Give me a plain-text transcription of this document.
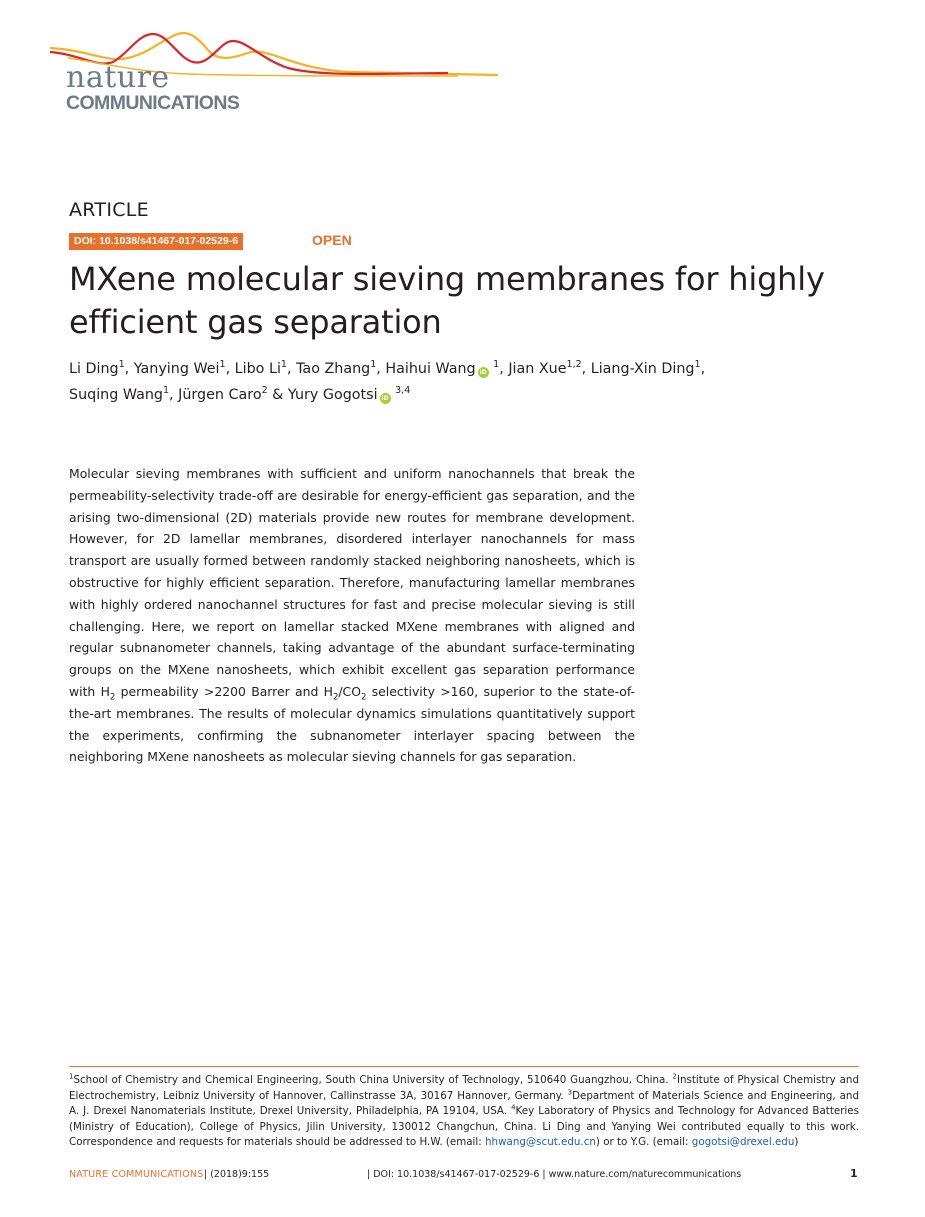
nature
COMMUNICATIONS
ARTICLE
DOI: 10.1038/s41467-017-02529-6	OPEN
MXene molecular sieving membranes for highly efficient gas separation
Li Ding$^1$, Yanying Wei$^1$, Libo Li$^1$, Tao Zhang$^1$, Haihui Wang iD $^1$, Jian Xue$^{1,2}$, Liang-Xin Ding$^1$,
Suqing Wang$^1$, Jürgen Caro$^2$ & Yury Gogotsi iD $^{3,4}$
Molecular sieving membranes with sufficient and uniform nanochannels that break the permeability-selectivity trade-off are desirable for energy-efficient gas separation, and the arising two-dimensional (2D) materials provide new routes for membrane development. However, for 2D lamellar membranes, disordered interlayer nanochannels for mass transport are usually formed between randomly stacked neighboring nanosheets, which is obstructive for highly efficient separation. Therefore, manufacturing lamellar membranes with highly ordered nanochannel structures for fast and precise molecular sieving is still challenging. Here, we report on lamellar stacked MXene membranes with aligned and regular subnanometer channels, taking advantage of the abundant surface-terminating groups on the MXene nanosheets, which exhibit excellent gas separation performance with $H_2$ permeability >2200 Barrer and $H_2/CO_2$ selectivity >160, superior to the state-of-the-art membranes. The results of molecular dynamics simulations quantitatively support the experiments, confirming the subnanometer interlayer spacing between the neighboring MXene nanosheets as molecular sieving channels for gas separation.
$^1$School of Chemistry and Chemical Engineering, South China University of Technology, 510640 Guangzhou, China. $^2$Institute of Physical Chemistry and Electrochemistry, Leibniz University of Hannover, Callinstrasse 3A, 30167 Hannover, Germany. $^3$Department of Materials Science and Engineering, and A. J. Drexel Nanomaterials Institute, Drexel University, Philadelphia, PA 19104, USA. $^4$Key Laboratory of Physics and Technology for Advanced Batteries (Ministry of Education), College of Physics, Jilin University, 130012 Changchun, China. Li Ding and Yanying Wei contributed equally to this work. Correspondence and requests for materials should be addressed to H.W. (email: hhwang@scut.edu.cn) or to Y.G. (email: gogotsi@drexel.edu)
NATURE COMMUNICATIONS | (2018)9:155	| DOI: 10.1038/s41467-017-02529-6 | www.nature.com/naturecommunications	1
